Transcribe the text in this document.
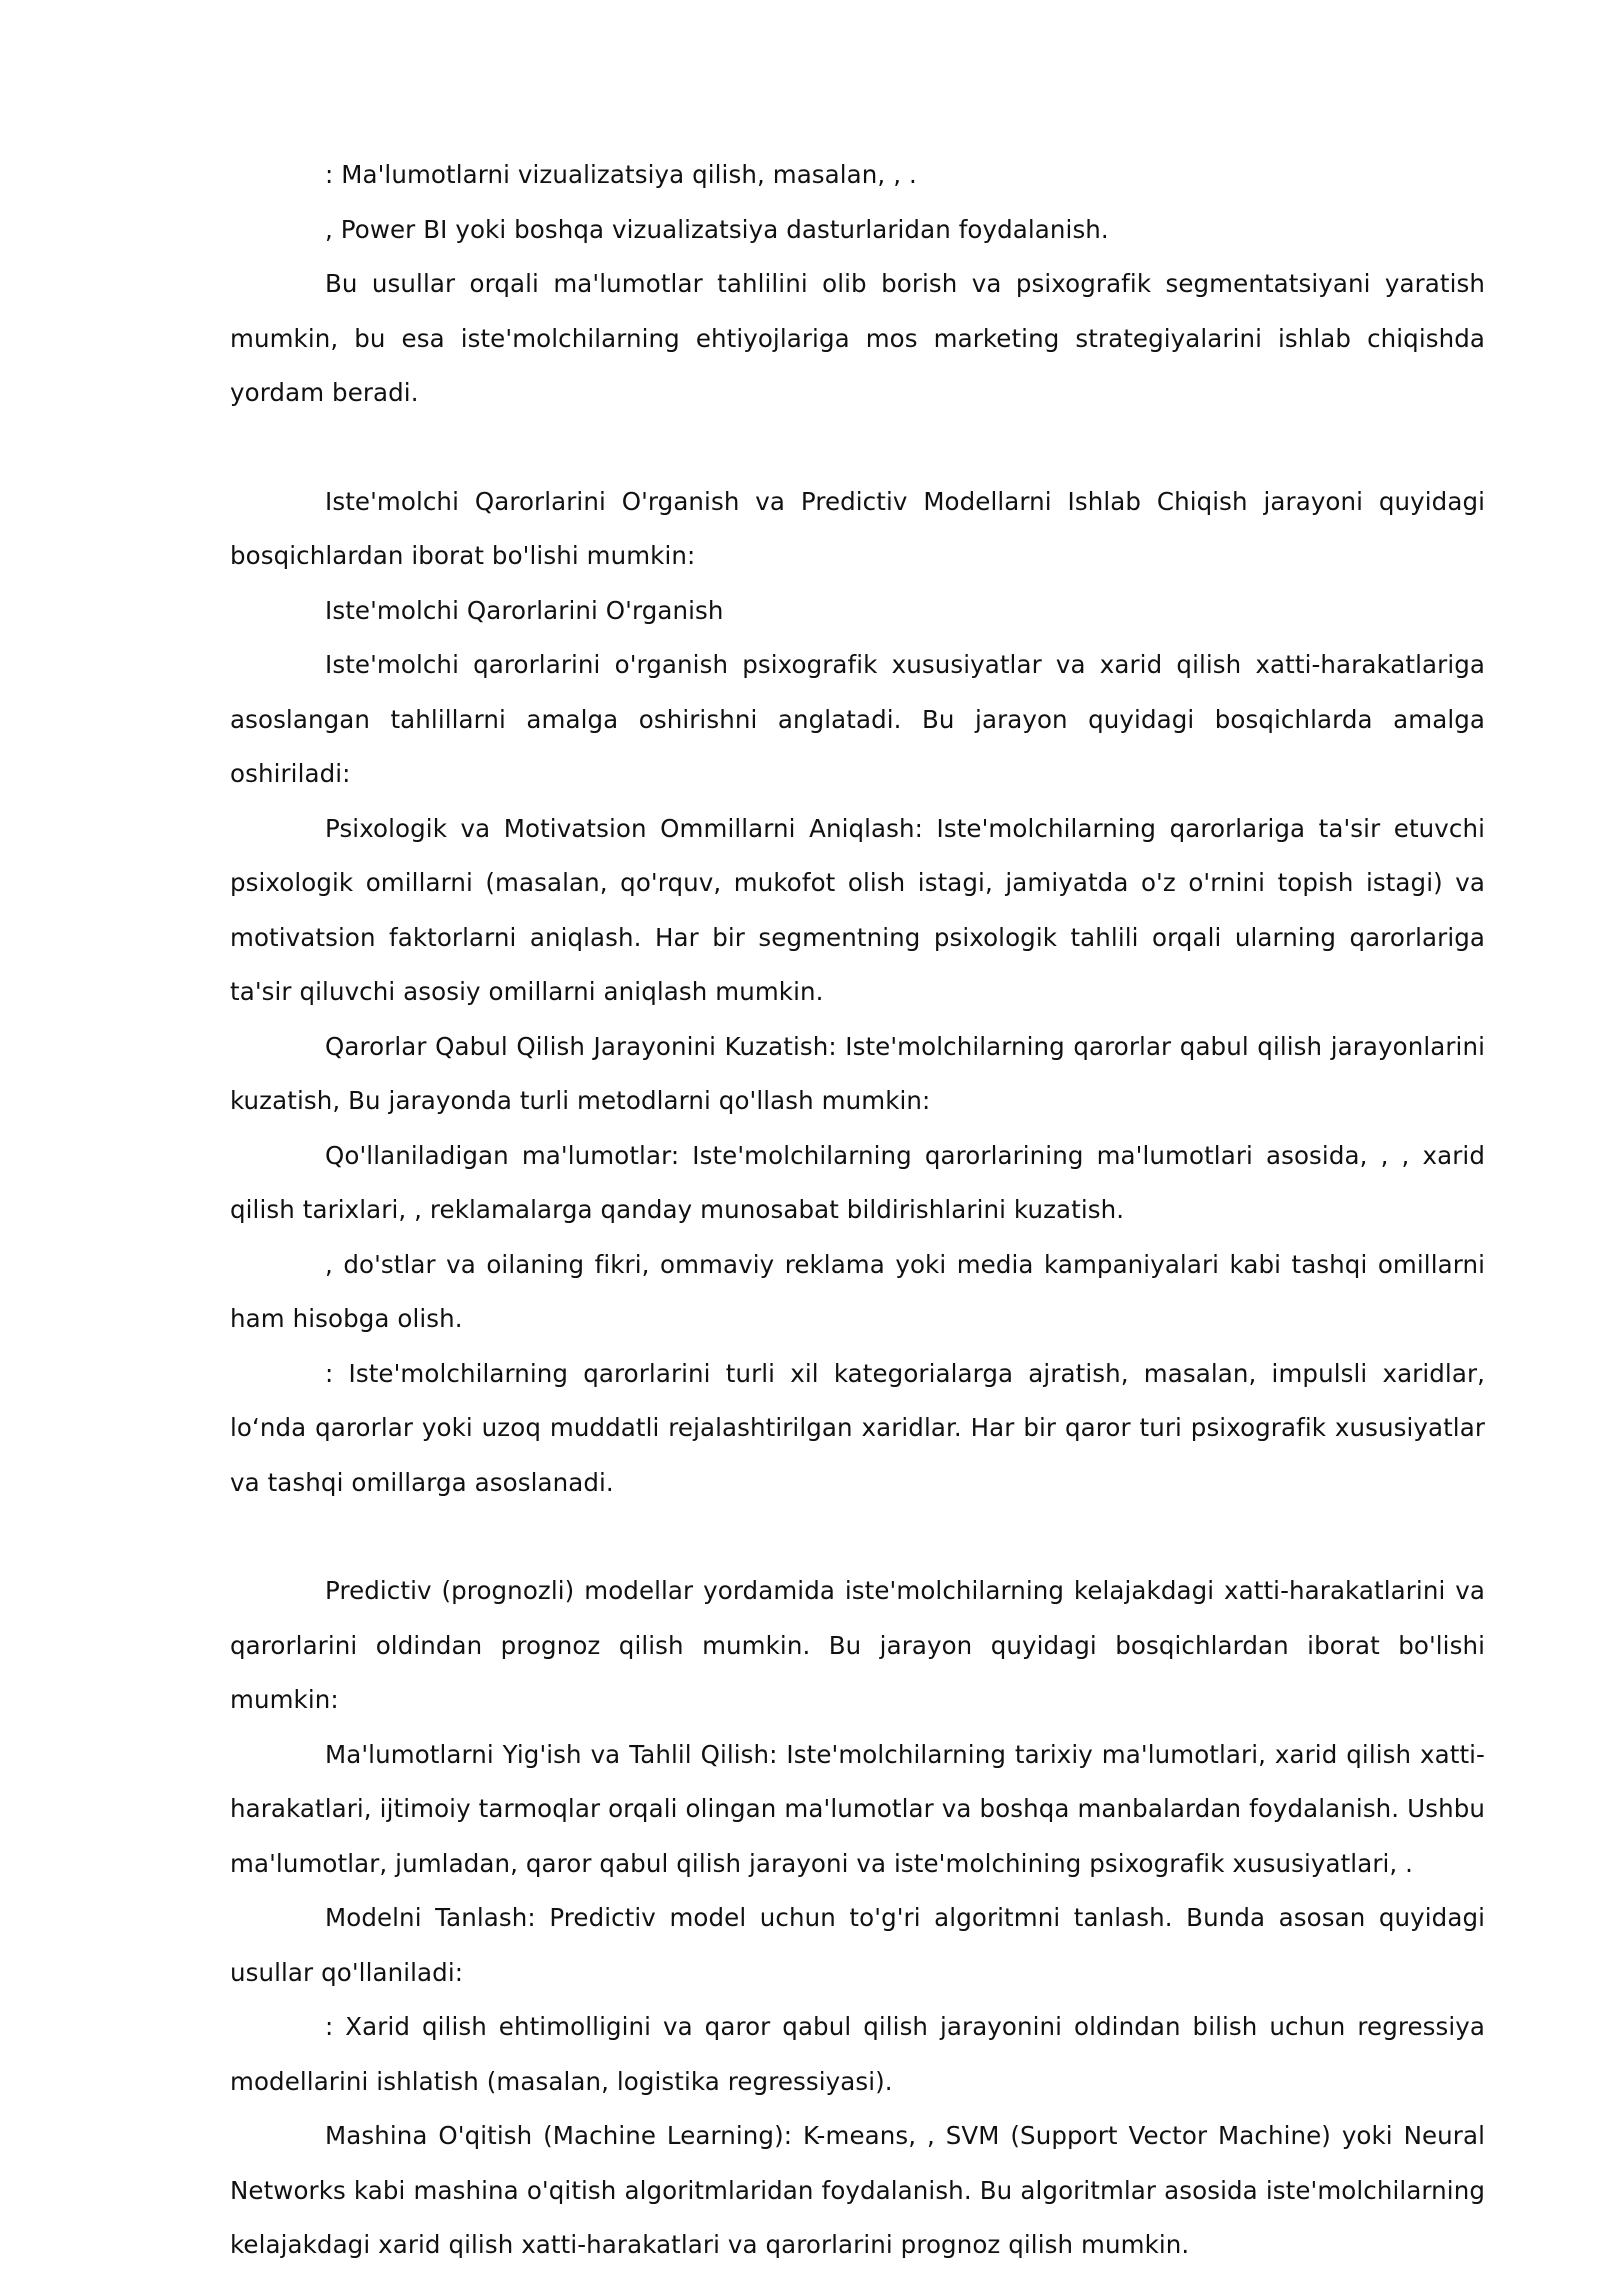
: Ma'lumotlarni vizualizatsiya qilish, masalan, , .

, Power BI yoki boshqa vizualizatsiya dasturlaridan foydalanish.

Bu usullar orqali ma'lumotlar tahlilini olib borish va psixografik segmentatsiyani yaratish mumkin, bu esa iste'molchilarning ehtiyojlariga mos marketing strategiyalarini ishlab chiqishda yordam beradi.

Iste'molchi Qarorlarini O'rganish va Predictiv Modellarni Ishlab Chiqish jarayoni quyidagi bosqichlardan iborat bo'lishi mumkin:

Iste'molchi Qarorlarini O'rganish

Iste'molchi qarorlarini o'rganish psixografik xususiyatlar va xarid qilish xatti-harakatlariga asoslangan tahlillarni amalga oshirishni anglatadi. Bu jarayon quyidagi bosqichlarda amalga oshiriladi:

Psixologik va Motivatsion Ommillarni Aniqlash: Iste'molchilarning qarorlariga ta'sir etuvchi psixologik omillarni (masalan, qo'rquv, mukofot olish istagi, jamiyatda o'z o'rnini topish istagi) va motivatsion faktorlarni aniqlash. Har bir segmentning psixologik tahlili orqali ularning qarorlariga ta'sir qiluvchi asosiy omillarni aniqlash mumkin.

Qarorlar Qabul Qilish Jarayonini Kuzatish: Iste'molchilarning qarorlar qabul qilish jarayonlarini kuzatish, Bu jarayonda turli metodlarni qo'llash mumkin:

Qo'llaniladigan ma'lumotlar: Iste'molchilarning qarorlarining ma'lumotlari asosida, , , xarid qilish tarixlari, , reklamalarga qanday munosabat bildirishlarini kuzatish.

, do'stlar va oilaning fikri, ommaviy reklama yoki media kampaniyalari kabi tashqi omillarni ham hisobga olish.

: Iste'molchilarning qarorlarini turli xil kategorialarga ajratish, masalan, impulsli xaridlar, lo‘nda qarorlar yoki uzoq muddatli rejalashtirilgan xaridlar. Har bir qaror turi psixografik xususiyatlar va tashqi omillarga asoslanadi.

Predictiv (prognozli) modellar yordamida iste'molchilarning kelajakdagi xatti-harakatlarini va qarorlarini oldindan prognoz qilish mumkin. Bu jarayon quyidagi bosqichlardan iborat bo'lishi mumkin:

Ma'lumotlarni Yig'ish va Tahlil Qilish: Iste'molchilarning tarixiy ma'lumotlari, xarid qilish xatti-harakatlari, ijtimoiy tarmoqlar orqali olingan ma'lumotlar va boshqa manbalardan foydalanish. Ushbu ma'lumotlar, jumladan, qaror qabul qilish jarayoni va iste'molchining psixografik xususiyatlari, .

Modelni Tanlash: Predictiv model uchun to'g'ri algoritmni tanlash. Bunda asosan quyidagi usullar qo'llaniladi:

: Xarid qilish ehtimolligini va qaror qabul qilish jarayonini oldindan bilish uchun regressiya modellarini ishlatish (masalan, logistika regressiyasi).

Mashina O'qitish (Machine Learning): K-means, , SVM (Support Vector Machine) yoki Neural Networks kabi mashina o'qitish algoritmlaridan foydalanish. Bu algoritmlar asosida iste'molchilarning kelajakdagi xarid qilish xatti-harakatlari va qarorlarini prognoz qilish mumkin.
